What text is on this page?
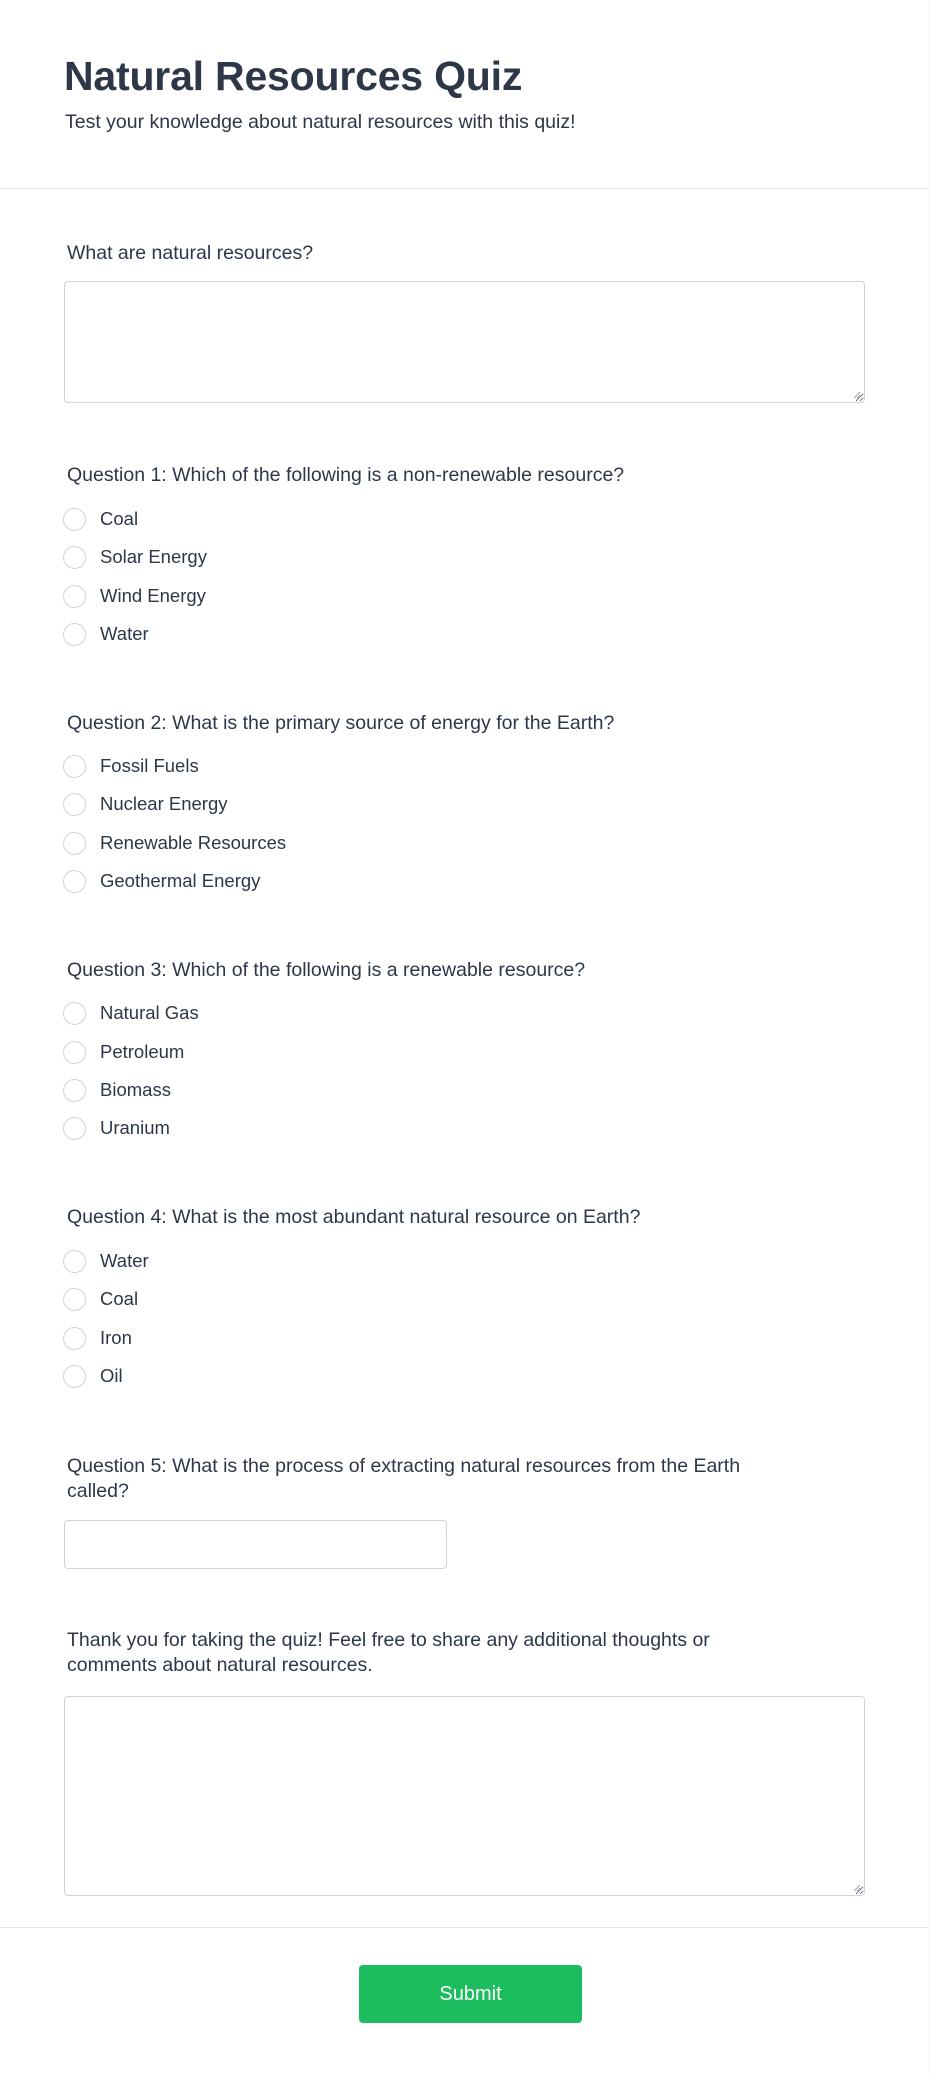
Natural Resources Quiz

Test your knowledge about natural resources with this quiz!

What are natural resources?
Question 1: Which of the following is a non-renewable resource?
Coal
Solar Energy
Wind Energy
Water
Question 2: What is the primary source of energy for the Earth?
Fossil Fuels
Nuclear Energy
Renewable Resources
Geothermal Energy
Question 3: Which of the following is a renewable resource?
Natural Gas
Petroleum
Biomass
Uranium
Question 4: What is the most abundant natural resource on Earth?
Water
Coal
Iron
Oil
Question 5: What is the process of extracting natural resources from the Earth
called?
Thank you for taking the quiz! Feel free to share any additional thoughts or
comments about natural resources.
Submit
